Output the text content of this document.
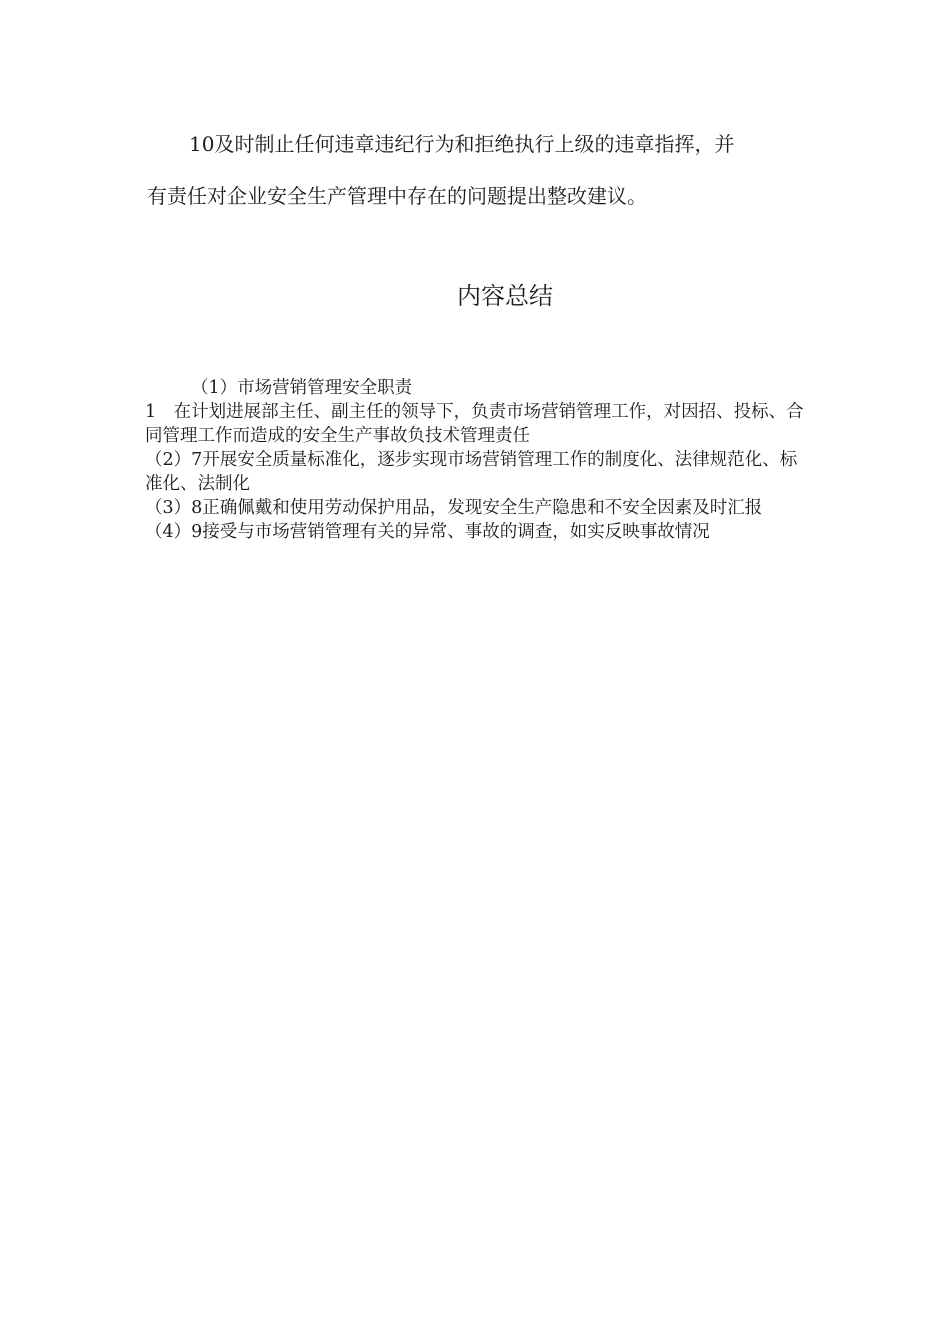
10及时制止任何违章违纪行为和拒绝执行上级的违章指挥，并
有责任对企业安全生产管理中存在的问题提出整改建议。
内容总结

（1）市场营销管理安全职责

1　在计划进展部主任、副主任的领导下，负责市场营销管理工作，对因招、投标、合同管理工作而造成的安全生产事故负技术管理责任

（2）7开展安全质量标准化，逐步实现市场营销管理工作的制度化、法律规范化、标准化、法制化

（3）8正确佩戴和使用劳动保护用品，发现安全生产隐患和不安全因素及时汇报

（4）9接受与市场营销管理有关的异常、事故的调查，如实反映事故情况
